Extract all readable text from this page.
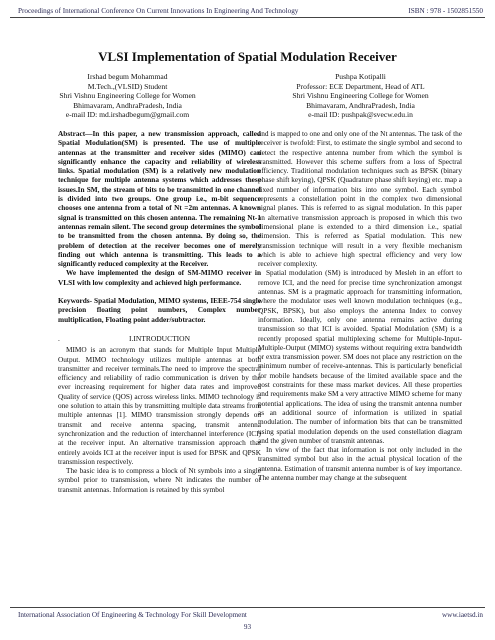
Proceedings of International Conference On Current Innovations In Engineering And Technology	ISBN : 978 - 1502851550
VLSI Implementation of Spatial Modulation Receiver
Irshad begum Mohammad
M.Tech.,(VLSID) Student
Shri Vishnu Engineering College for Women
Bhimavaram, AndhraPradesh, India
e-mail ID: md.irshadbegum@gmail.com
Pushpa Kotipalli
Professor: ECE Department, Head of ATL
Shri Vishnu Engineering College for Women
Bhimavaram, AndhraPradesh, India
e-mail ID: pushpak@svecw.edu.in

Abstract—In this paper, a new transmission approach, called Spatial Modulation(SM) is presented. The use of multiple antennas at the transmitter and receiver sides (MIMO) can significantly enhance the capacity and reliability of wireless links. Spatial modulation (SM) is a relatively new modulation technique for multiple antenna systems which addresses these issues.In SM, the stream of bits to be transmitted in one channel is divided into two groups. One group i.e., m-bit sequence chooses one antenna from a total of Nt =2m antennas. A known signal is transmitted on this chosen antenna. The remaining Nt-1 antennas remain silent. The second group determines the symbol to be transmitted from the chosen antenna. By doing so, the problem of detection at the receiver becomes one of merely finding out which antenna is transmitting. This leads to a significantly reduced complexity at the Receiver.

We have implemented the design of SM-MIMO receiver in VLSI with low complexity and achieved high performance.

Keywords- Spatial Modulation, MIMO systems, IEEE-754 single precision floating point numbers, Complex number multiplication, Floating point adder/subtractor.

.	I.INTRODUCTION

MIMO is an acronym that stands for Multiple Input Multiple Output. MIMO technology utilizes multiple antennas at both transmitter and receiver terminals.The need to improve the spectral efficiency and reliability of radio communication is driven by the ever increasing requirement for higher data rates and improved Quality of service (QOS) across wireless links. MIMO technology is one solution to attain this by transmitting multiple data streams from multiple antennas [1]. MIMO transmission strongly depends on transmit and receive antenna spacing, transmit antenna synchronization and the reduction of interchannel interference (ICI) at the receiver input. An alternative transmission approach that entirely avoids ICI at the receiver input is used for BPSK and QPSK transmission respectively.

The basic idea is to compress a block of Nt symbols into a single symbol prior to transmission, where Nt indicates the number of transmit antennas. Information is retained by this symbol

and is mapped to one and only one of the Nt antennas. The task of the receiver is twofold: First, to estimate the single symbol and second to detect the respective antenna number from which the symbol is transmitted. However this scheme suffers from a loss of Spectral efficiency. Traditional modulation techniques such as BPSK (binary phase shift keying), QPSK (Quadrature phase shift keying) etc. map a fixed number of information bits into one symbol. Each symbol represents a constellation point in the complex two dimensional signal planes. This is referred to as signal modulation. In this paper an alternative transmission approach is proposed in which this two dimensional plane is extended to a third dimension i.e., spatial dimension. This is referred as Spatial modulation. This new transmission technique will result in a very flexible mechanism which is able to achieve high spectral efficiency and very low receiver complexity.

Spatial modulation (SM) is introduced by Mesleh in an effort to remove ICI, and the need for precise time synchronization amongst antennas. SM is a pragmatic approach for transmitting information, where the modulator uses well known modulation techniques (e.g., QPSK, BPSK), but also employs the antenna Index to convey information. Ideally, only one antenna remains active during transmission so that ICI is avoided. Spatial Modulation (SM) is a recently proposed spatial multiplexing scheme for Multiple-Input-Multiple-Output (MIMO) systems without requiring extra bandwidth or extra transmission power. SM does not place any restriction on the minimum number of receive-antennas. This is particularly beneficial for mobile handsets because of the limited available space and the cost constraints for these mass market devices. All these properties and requirements make SM a very attractive MIMO scheme for many potential applications. The idea of using the transmit antenna number as an additional source of information is utilized in spatial modulation. The number of information bits that can be transmitted using spatial modulation depends on the used constellation diagram and the given number of transmit antennas.

In view of the fact that information is not only included in the transmitted symbol but also in the actual physical location of the antenna. Estimation of transmit antenna number is of key importance. The antenna number may change at the subsequent

International Association Of Engineering & Technology For Skill Development	www.iaetsd.in
93
